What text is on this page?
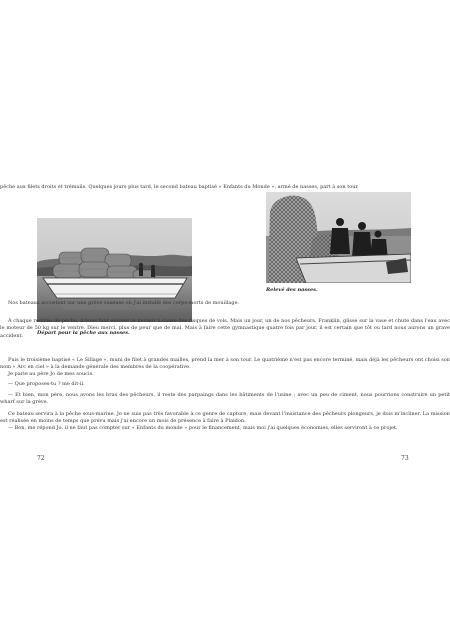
pêche aux filets droits et trémails. Quelques jours plus tard, le second bateau baptisé « Enfants du Monde », armé de nasses, part à son tour.

Départ pour la pêche aux nasses.

Puis le troisième baptisé « Le Sillage », muni de filet à grandes mailles, prend la mer à son tour. Le quatrième n'est pas encore terminé, mais déjà les pêcheurs ont choisi son nom « Arc en ciel » à la demande générale des membres de la coopérative.

Ce bateau servira à la pêche sous-marine. Je ne suis pas très favorable à ce genre de capture, mais devant l'insistance des pêcheurs plongeurs, je dois m'incliner. La mission est réalisée en moins de temps que prévu mais j'ai encore un mois de présence à faire à Plaidon.

72
Relevé des nasses.

Nos bateaux accostent sur une grève vaseuse où j'ai installé des corps-morts de mouillage.

À chaque rentrée de pêche, il nous faut enlever le moteur à cause des risques de vols. Mais un jour, un de nos pêcheurs, Franklin, glisse sur la vase et chute dans l'eau avec le moteur de 50 kg sur le ventre. Dieu merci, plus de peur que de mal. Mais à faire cette gymnastique quatre fois par jour, il est certain que tôt ou tard nous aurons un grave accident.

Je parle au père Jo de mes soucis.

— Que proposes-tu ? me dit-il.

— Et bien, mon père, nous avons les bras des pêcheurs, il reste des parpaings dans les bâtiments de l'usine ; avec un peu de ciment, nous pourrions construire un petit wharf sur la grève.

— Bon, me répond Jo, il ne faut pas compter sur « Enfants du monde » pour le financement, mais moi j'ai quelques économies, elles serviront à ce projet.

73
